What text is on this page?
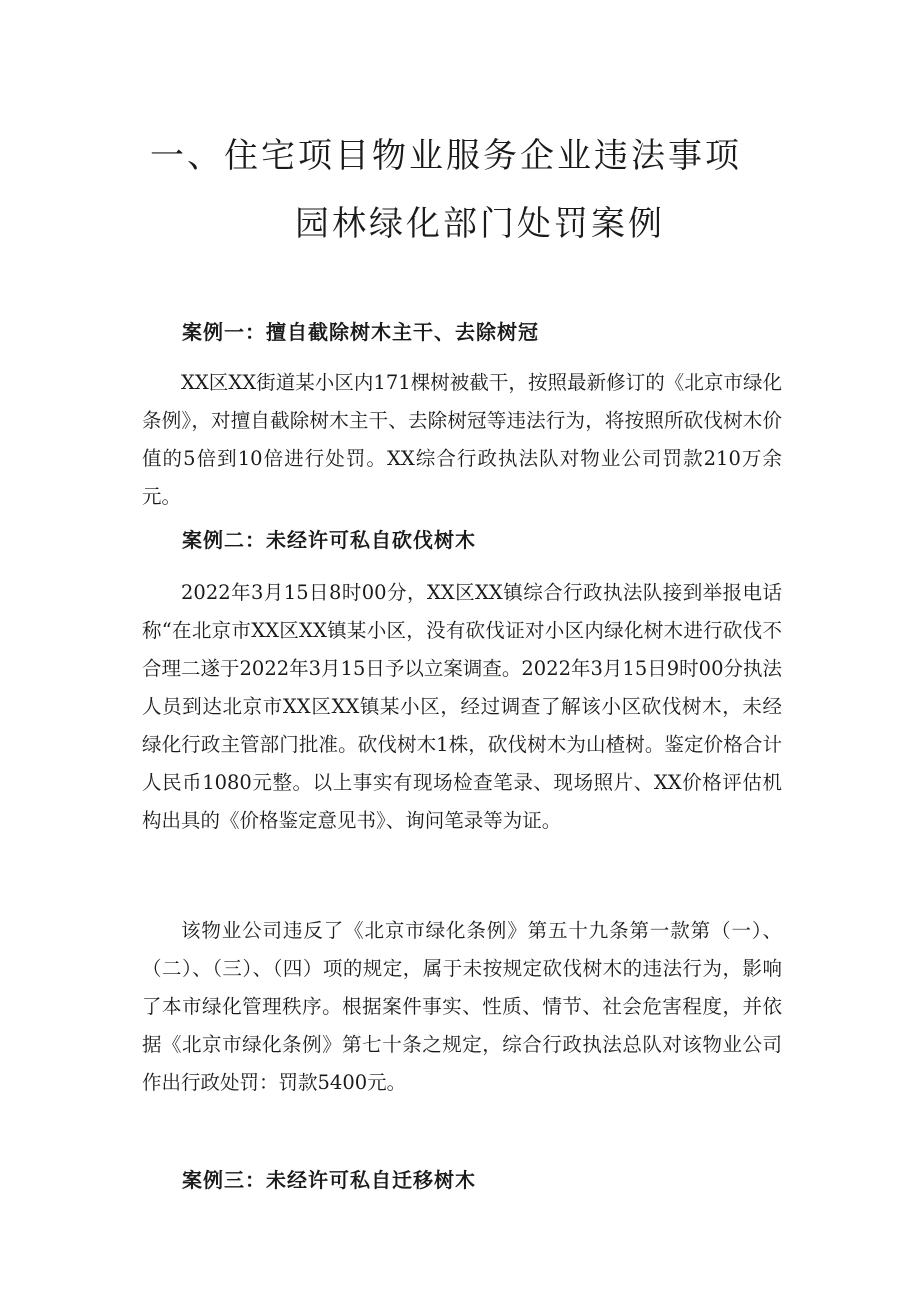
一、住宅项目物业服务企业违法事项
园林绿化部门处罚案例
案例一：擅自截除树木主干、去除树冠

XX区XX街道某小区内171棵树被截干，按照最新修订的《北京市绿化条例》，对擅自截除树木主干、去除树冠等违法行为，将按照所砍伐树木价值的5倍到10倍进行处罚。XX综合行政执法队对物业公司罚款210万余元。

案例二：未经许可私自砍伐树木

2022年3月15日8时00分，XX区XX镇综合行政执法队接到举报电话称“在北京市XX区XX镇某小区，没有砍伐证对小区内绿化树木进行砍伐不合理二遂于2022年3月15日予以立案调查。2022年3月15日9时00分执法人员到达北京市XX区XX镇某小区，经过调查了解该小区砍伐树木，未经绿化行政主管部门批准。砍伐树木1株，砍伐树木为山楂树。鉴定价格合计人民币1080元整。以上事实有现场检查笔录、现场照片、XX价格评估机构出具的《价格鉴定意见书》、询问笔录等为证。

该物业公司违反了《北京市绿化条例》第五十九条第一款第（一）、（二）、（三）、（四）项的规定，属于未按规定砍伐树木的违法行为，影响了本市绿化管理秩序。根据案件事实、性质、情节、社会危害程度，并依据《北京市绿化条例》第七十条之规定，综合行政执法总队对该物业公司作出行政处罚：罚款5400元。

案例三：未经许可私自迁移树木
